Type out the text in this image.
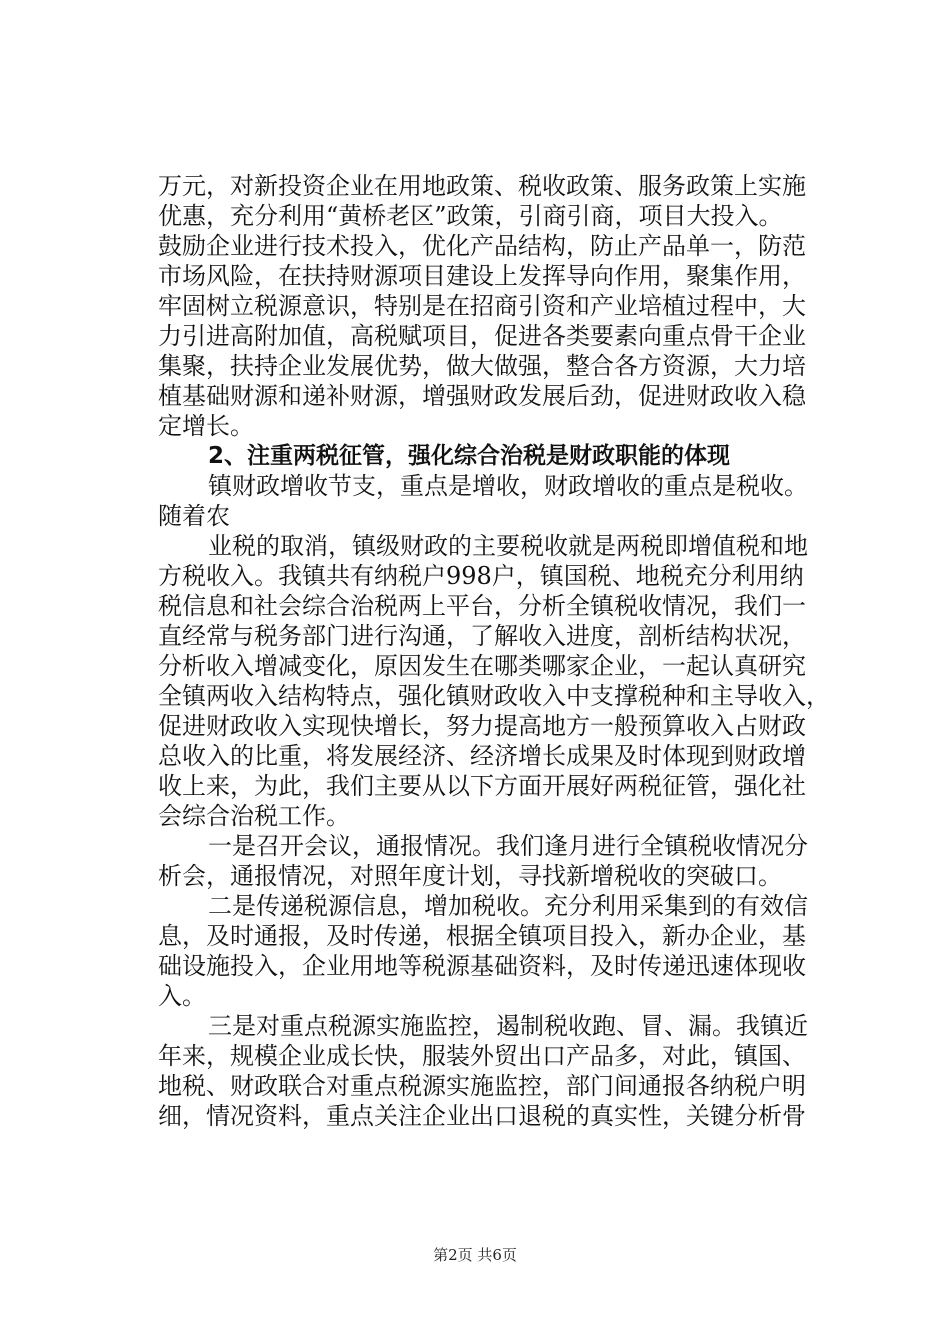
万元，对新投资企业在用地政策、税收政策、服务政策上实施
优惠，充分利用“黄桥老区”政策，引商引商，项目大投入。
鼓励企业进行技术投入，优化产品结构，防止产品单一，防范
市场风险，在扶持财源项目建设上发挥导向作用，聚集作用，
牢固树立税源意识，特别是在招商引资和产业培植过程中，大
力引进高附加值，高税赋项目，促进各类要素向重点骨干企业
集聚，扶持企业发展优势，做大做强，整合各方资源，大力培
植基础财源和递补财源，增强财政发展后劲，促进财政收入稳
定增长。
2、注重两税征管，强化综合治税是财政职能的体现
镇财政增收节支，重点是增收，财政增收的重点是税收。
随着农
业税的取消，镇级财政的主要税收就是两税即增值税和地
方税收入。我镇共有纳税户998户，镇国税、地税充分利用纳
税信息和社会综合治税两上平台，分析全镇税收情况，我们一
直经常与税务部门进行沟通，了解收入进度，剖析结构状况，
分析收入增减变化，原因发生在哪类哪家企业，一起认真研究
全镇两收入结构特点，强化镇财政收入中支撑税种和主导收入，
促进财政收入实现快增长，努力提高地方一般预算收入占财政
总收入的比重，将发展经济、经济增长成果及时体现到财政增
收上来，为此，我们主要从以下方面开展好两税征管，强化社
会综合治税工作。
一是召开会议，通报情况。我们逢月进行全镇税收情况分
析会，通报情况，对照年度计划，寻找新增税收的突破口。
二是传递税源信息，增加税收。充分利用采集到的有效信
息，及时通报，及时传递，根据全镇项目投入，新办企业，基
础设施投入，企业用地等税源基础资料，及时传递迅速体现收
入。
三是对重点税源实施监控，遏制税收跑、冒、漏。我镇近
年来，规模企业成长快，服装外贸出口产品多，对此，镇国、
地税、财政联合对重点税源实施监控，部门间通报各纳税户明
细，情况资料，重点关注企业出口退税的真实性，关键分析骨
第2页 共6页
